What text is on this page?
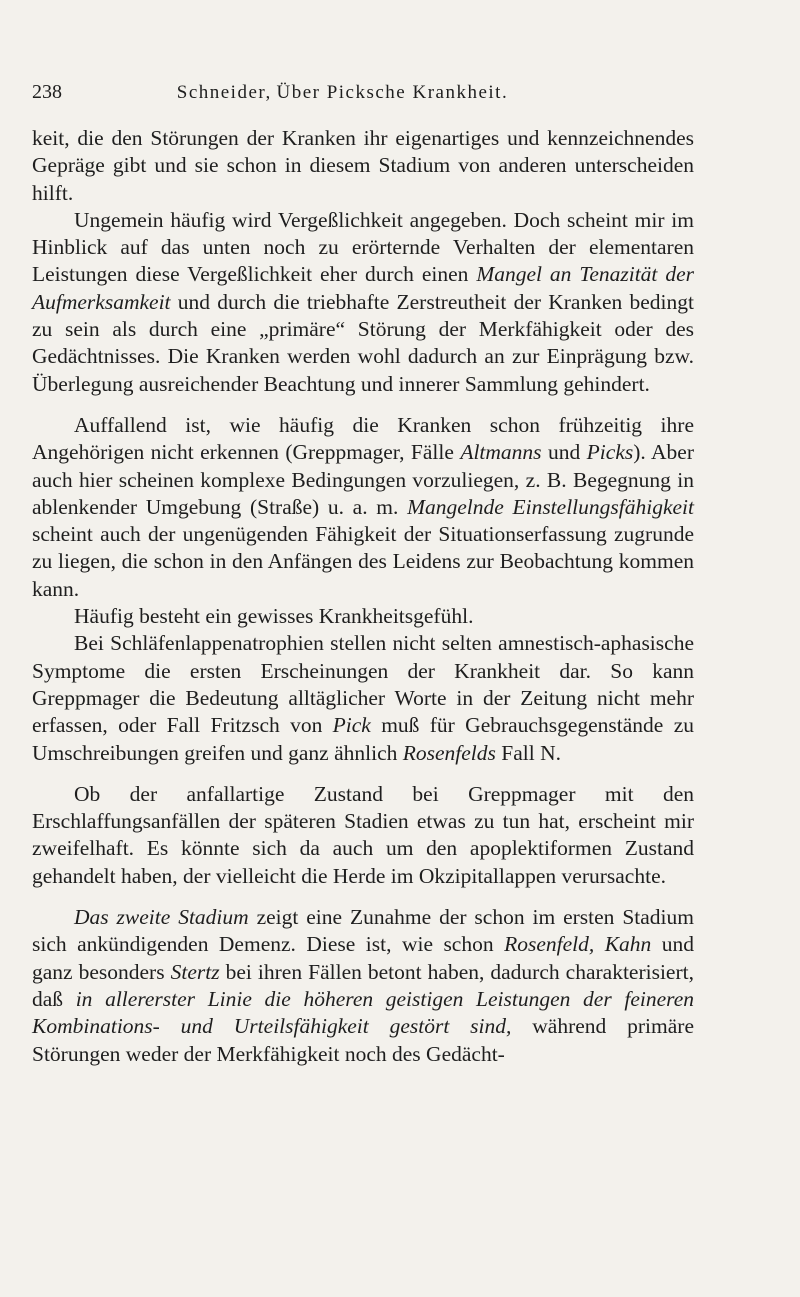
238	Schneider, Über Picksche Krankheit.

keit, die den Störungen der Kranken ihr eigenartiges und kennzeichnendes Gepräge gibt und sie schon in diesem Stadium von anderen unterscheiden hilft.

Ungemein häufig wird Vergeßlichkeit angegeben. Doch scheint mir im Hinblick auf das unten noch zu erörternde Verhalten der elementaren Leistungen diese Vergeßlichkeit eher durch einen Mangel an Tenazität der Aufmerksamkeit und durch die triebhafte Zerstreutheit der Kranken bedingt zu sein als durch eine „primäre“ Störung der Merkfähigkeit oder des Gedächtnisses. Die Kranken werden wohl dadurch an zur Einprägung bzw. Überlegung ausreichender Beachtung und innerer Sammlung gehindert.

Auffallend ist, wie häufig die Kranken schon frühzeitig ihre Angehörigen nicht erkennen (Greppmager, Fälle Altmanns und Picks). Aber auch hier scheinen komplexe Bedingungen vorzuliegen, z. B. Begegnung in ablenkender Umgebung (Straße) u. a. m. Mangelnde Einstellungsfähigkeit scheint auch der ungenügenden Fähigkeit der Situationserfassung zugrunde zu liegen, die schon in den Anfängen des Leidens zur Beobachtung kommen kann.

Häufig besteht ein gewisses Krankheitsgefühl.

Bei Schläfenlappenatrophien stellen nicht selten amnestisch-aphasische Symptome die ersten Erscheinungen der Krankheit dar. So kann Greppmager die Bedeutung alltäglicher Worte in der Zeitung nicht mehr erfassen, oder Fall Fritzsch von Pick muß für Gebrauchsgegenstände zu Umschreibungen greifen und ganz ähnlich Rosenfelds Fall N.

Ob der anfallartige Zustand bei Greppmager mit den Erschlaffungsanfällen der späteren Stadien etwas zu tun hat, erscheint mir zweifelhaft. Es könnte sich da auch um den apoplektiformen Zustand gehandelt haben, der vielleicht die Herde im Okzipitallappen verursachte.

Das zweite Stadium zeigt eine Zunahme der schon im ersten Stadium sich ankündigenden Demenz. Diese ist, wie schon Rosenfeld, Kahn und ganz besonders Stertz bei ihren Fällen betont haben, dadurch charakterisiert, daß in allererster Linie die höheren geistigen Leistungen der feineren Kombinations- und Urteilsfähigkeit gestört sind, während primäre Störungen weder der Merkfähigkeit noch des Gedächt-
